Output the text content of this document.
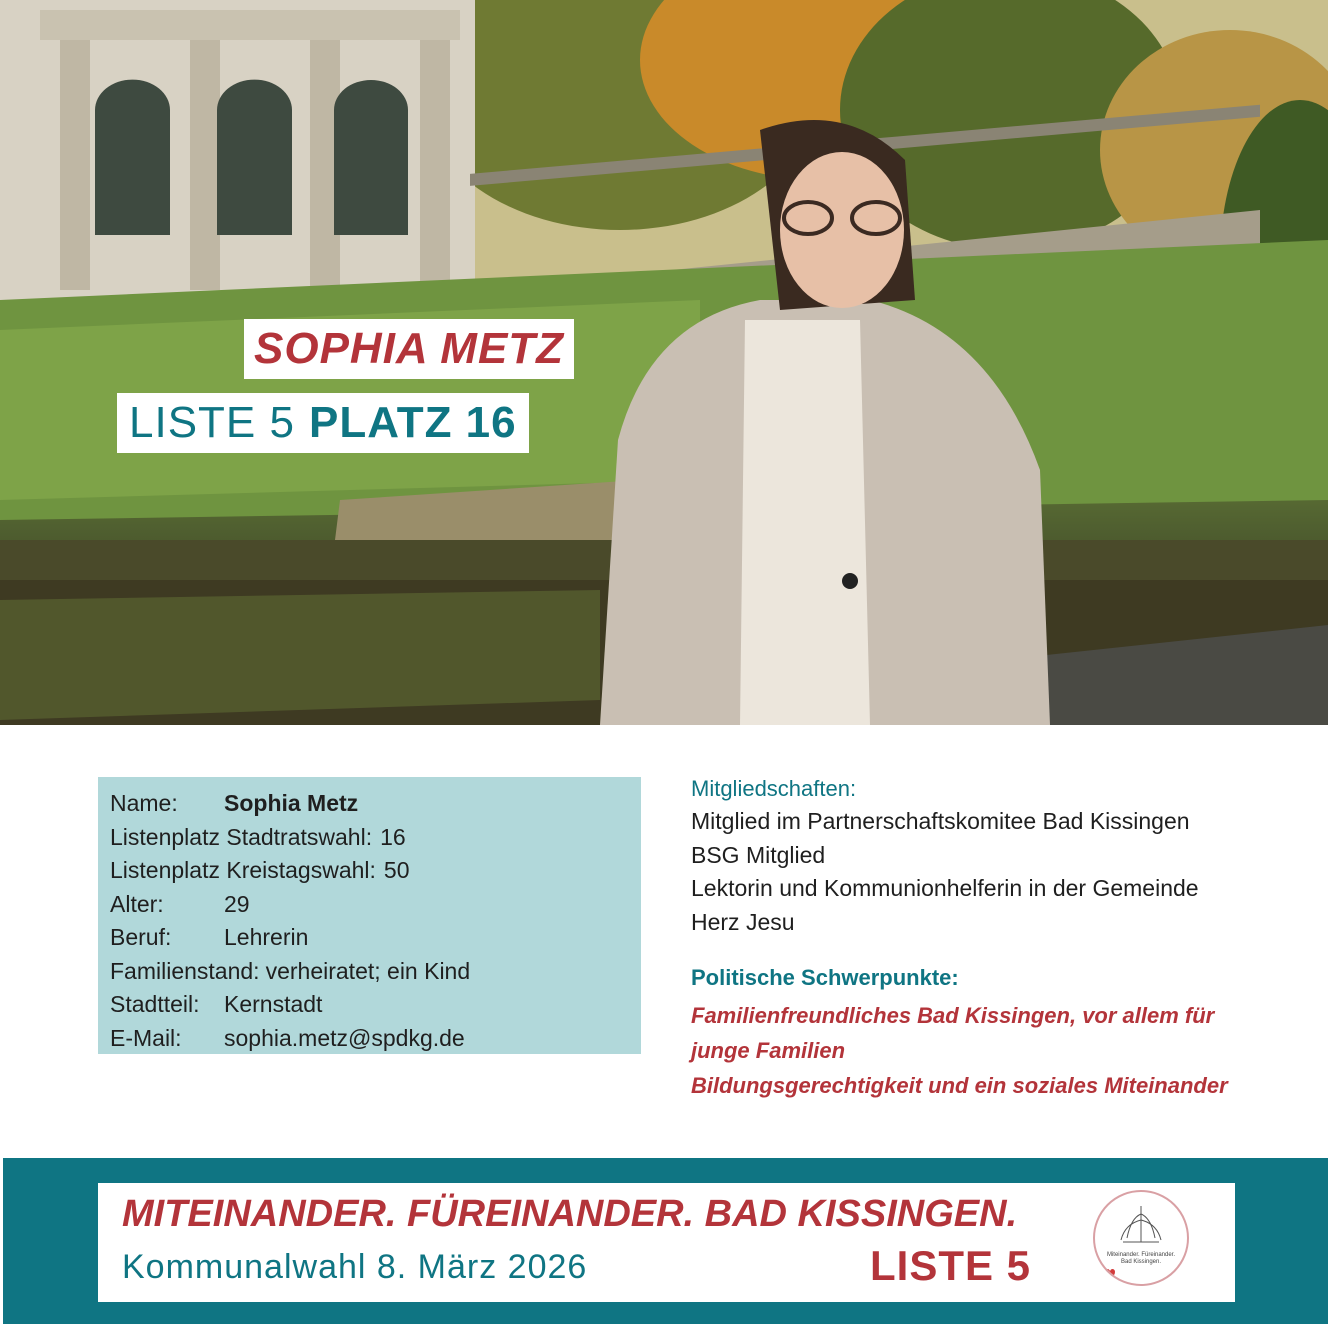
SOPHIA METZ
LISTE 5 PLATZ 16
Name:	Sophia Metz
Listenplatz Stadtratswahl: 16
Listenplatz Kreistagswahl: 50
Alter:	29
Beruf:	Lehrerin
Familienstand: verheiratet; ein Kind
Stadtteil:	Kernstadt
E-Mail:	sophia.metz@spdkg.de
Mitgliedschaften:
Mitglied im Partnerschaftskomitee Bad Kissingen
BSG Mitglied
Lektorin und Kommunionhelferin in der Gemeinde
Herz Jesu
Politische Schwerpunkte:
Familienfreundliches Bad Kissingen, vor allem für
junge Familien
Bildungsgerechtigkeit und ein soziales Miteinander
MITEINANDER. FÜREINANDER. BAD KISSINGEN.
Kommunalwahl 8. März 2026	LISTE 5	Miteinander. Füreinander.
Bad Kissingen.
